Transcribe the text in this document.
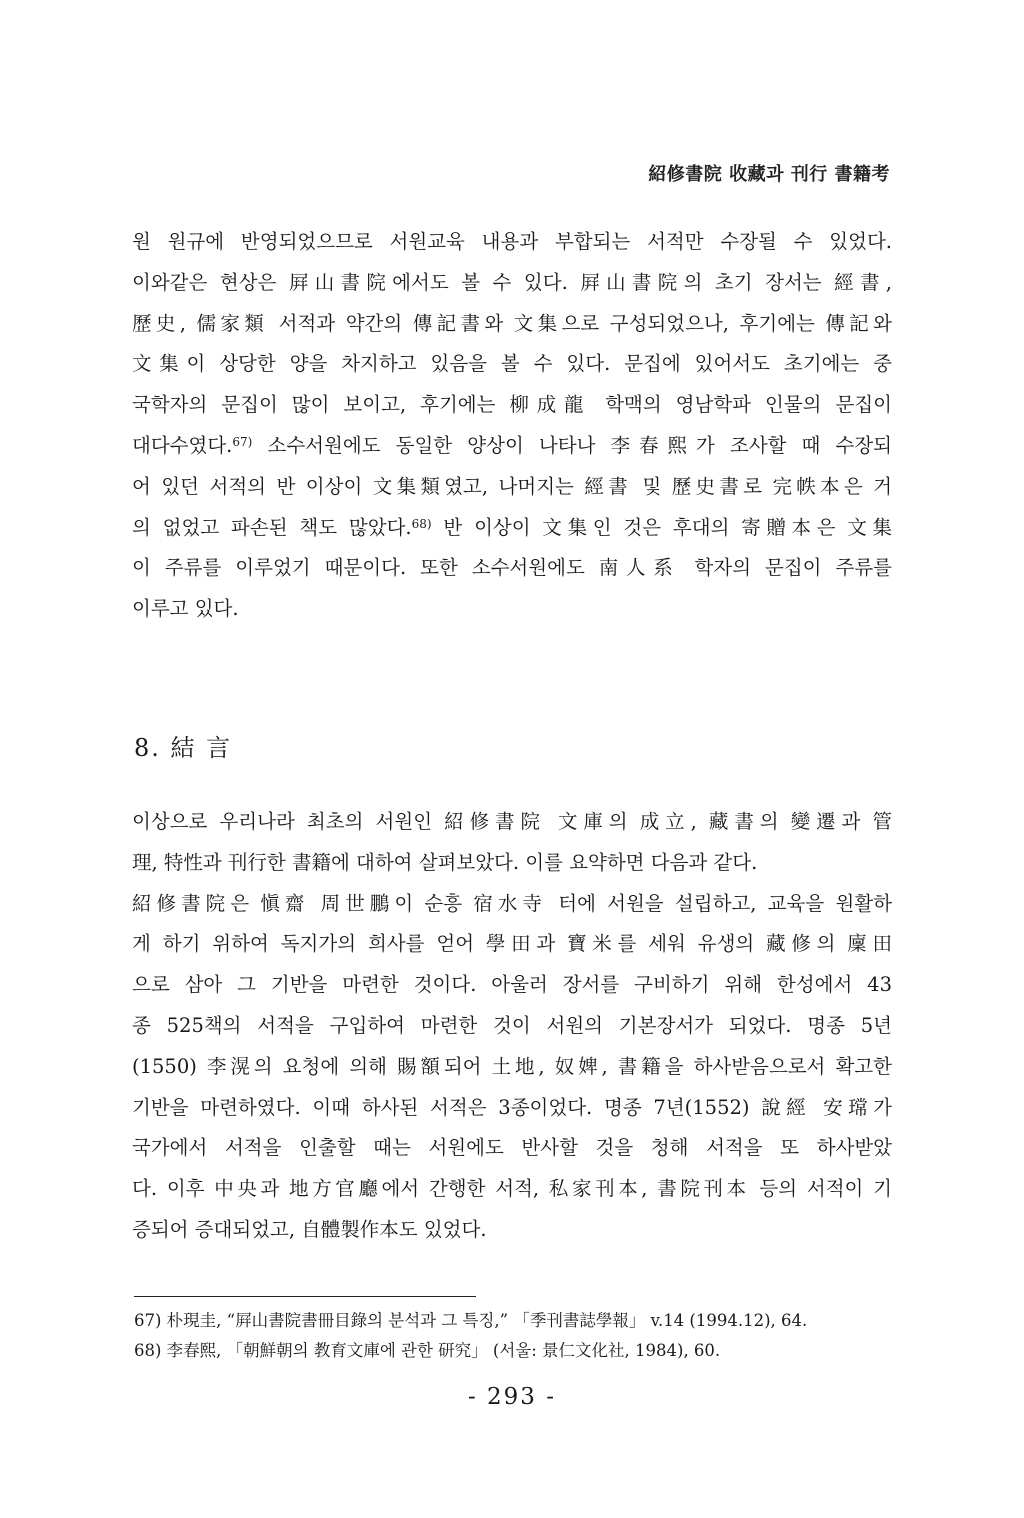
紹修書院 收藏과 刊行 書籍考
원 원규에 반영되었으므로 서원교육 내용과 부합되는 서적만 수장될 수 있었다.
이와같은 현상은 屛山書院에서도 볼 수 있다. 屛山書院의 초기 장서는 經書,
歷史, 儒家類 서적과 약간의 傳記書와 文集으로 구성되었으나, 후기에는 傳記와
文集이 상당한 양을 차지하고 있음을 볼 수 있다. 문집에 있어서도 초기에는 중
국학자의 문집이 많이 보이고, 후기에는 柳成龍 학맥의 영남학파 인물의 문집이
대다수였다.$^{67)}$ 소수서원에도 동일한 양상이 나타나 李春熙가 조사할 때 수장되
어 있던 서적의 반 이상이 文集類였고, 나머지는 經書 및 歷史書로 完帙本은 거
의 없었고 파손된 책도 많았다.$^{68)}$ 반 이상이 文集인 것은 후대의 寄贈本은 文集
이 주류를 이루었기 때문이다. 또한 소수서원에도 南人系 학자의 문집이 주류를
이루고 있다.
8. 結 言
이상으로 우리나라 최초의 서원인 紹修書院 文庫의 成立, 藏書의 變遷과 管
理, 特性과 刊行한 書籍에 대하여 살펴보았다. 이를 요약하면 다음과 같다.
紹修書院은 愼齋 周世鵬이 순흥 宿水寺 터에 서원을 설립하고, 교육을 원활하
게 하기 위하여 독지가의 희사를 얻어 學田과 寶米를 세워 유생의 藏修의 廩田
으로 삼아 그 기반을 마련한 것이다. 아울러 장서를 구비하기 위해 한성에서 43
종 525책의 서적을 구입하여 마련한 것이 서원의 기본장서가 되었다. 명종 5년
(1550) 李滉의 요청에 의해 賜額되어 土地, 奴婢, 書籍을 하사받음으로서 확고한
기반을 마련하였다. 이때 하사된 서적은 3종이었다. 명종 7년(1552) 說經 安瑺가
국가에서 서적을 인출할 때는 서원에도 반사할 것을 청해 서적을 또 하사받았
다. 이후 中央과 地方官廳에서 간행한 서적, 私家刊本, 書院刊本 등의 서적이 기
증되어 증대되었고, 自體製作本도 있었다.
67) 朴現圭, “屛山書院書冊目錄의 분석과 그 특징,” 「季刊書誌學報」 v.14 (1994.12), 64.
68) 李春熙, 「朝鮮朝의 教育文庫에 관한 研究」 (서울: 景仁文化社, 1984), 60.
- 293 -
